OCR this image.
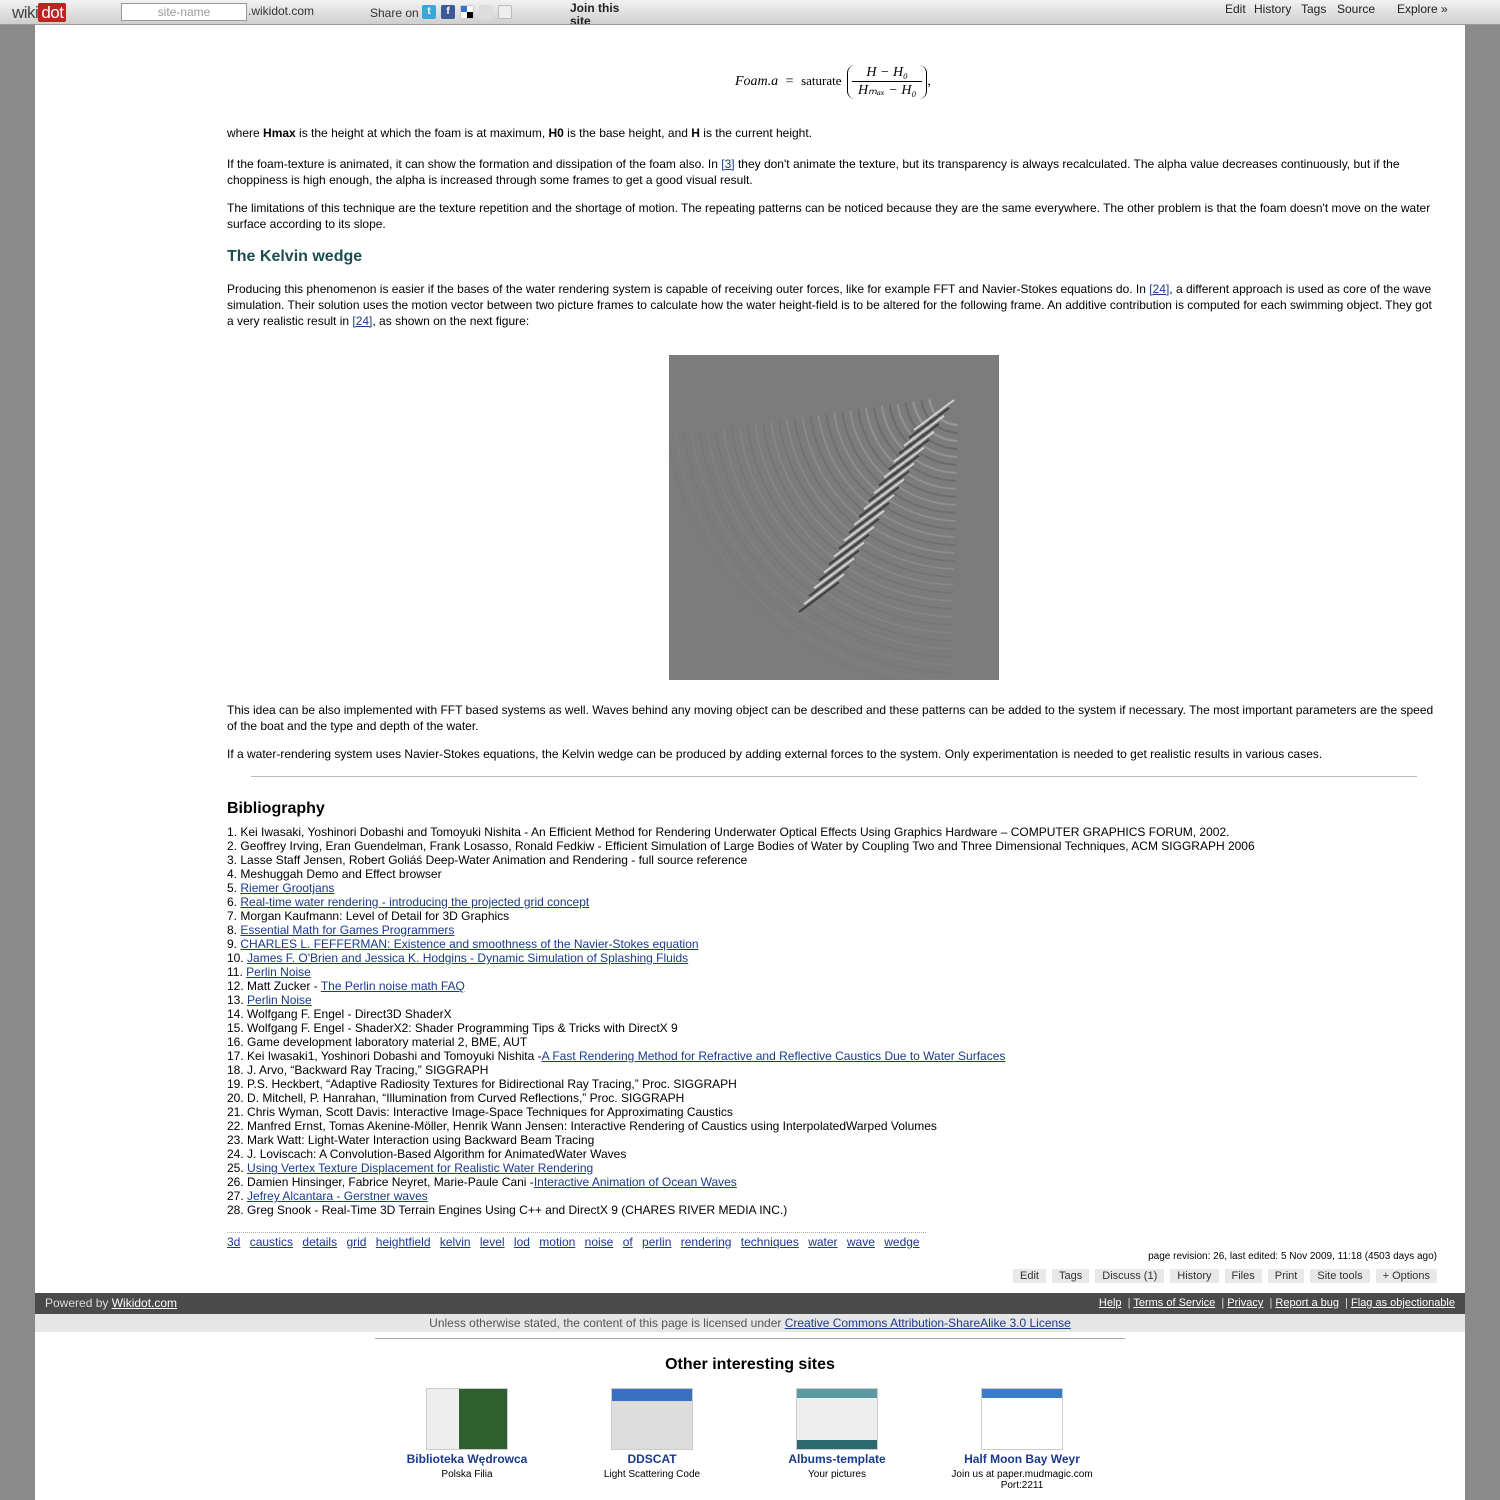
wiki dot	site-name	.wikidot.com	Share on t	f	Join this site
Edit History Tags Source Explore »
Foam.a = saturate
H − H₀
Hₘₐₓ − H₀
,
where Hmax is the height at which the foam is at maximum, H0 is the base height, and H is the current height.
If the foam-texture is animated, it can show the formation and dissipation of the foam also. In [3] they don't animate the texture, but its transparency is always recalculated. The alpha value decreases continuously, but if the choppiness is high enough, the alpha is increased through some frames to get a good visual result.
The limitations of this technique are the texture repetition and the shortage of motion. The repeating patterns can be noticed because they are the same everywhere. The other problem is that the foam doesn't move on the water surface according to its slope.
The Kelvin wedge
Producing this phenomenon is easier if the bases of the water rendering system is capable of receiving outer forces, like for example FFT and Navier-Stokes equations do. In [24], a different approach is used as core of the wave simulation. Their solution uses the motion vector between two picture frames to calculate how the water height-field is to be altered for the following frame. An additive contribution is computed for each swimming object. They got a very realistic result in [24], as shown on the next figure:
This idea can be also implemented with FFT based systems as well. Waves behind any moving object can be described and these patterns can be added to the system if necessary. The most important parameters are the speed of the boat and the type and depth of the water.
If a water-rendering system uses Navier-Stokes equations, the Kelvin wedge can be produced by adding external forces to the system. Only experimentation is needed to get realistic results in various cases.
Bibliography
1. Kei Iwasaki, Yoshinori Dobashi and Tomoyuki Nishita - An Efficient Method for Rendering Underwater Optical Effects Using Graphics Hardware – COMPUTER GRAPHICS FORUM, 2002.
2. Geoffrey Irving, Eran Guendelman, Frank Losasso, Ronald Fedkiw - Efficient Simulation of Large Bodies of Water by Coupling Two and Three Dimensional Techniques, ACM SIGGRAPH 2006
3. Lasse Staff Jensen, Robert Goliáś Deep-Water Animation and Rendering - full source reference
4. Meshuggah Demo and Effect browser
5. Riemer Grootjans
6. Real-time water rendering - introducing the projected grid concept
7. Morgan Kaufmann: Level of Detail for 3D Graphics
8. Essential Math for Games Programmers
9. CHARLES L. FEFFERMAN: Existence and smoothness of the Navier-Stokes equation
10. James F. O'Brien and Jessica K. Hodgins - Dynamic Simulation of Splashing Fluids
11. Perlin Noise
12. Matt Zucker - The Perlin noise math FAQ
13. Perlin Noise
14. Wolfgang F. Engel - Direct3D ShaderX
15. Wolfgang F. Engel - ShaderX2: Shader Programming Tips & Tricks with DirectX 9
16. Game development laboratory material 2, BME, AUT
17. Kei Iwasaki1, Yoshinori Dobashi and Tomoyuki Nishita -A Fast Rendering Method for Refractive and Reflective Caustics Due to Water Surfaces
18. J. Arvo, “Backward Ray Tracing,” SIGGRAPH
19. P.S. Heckbert, “Adaptive Radiosity Textures for Bidirectional Ray Tracing,” Proc. SIGGRAPH
20. D. Mitchell, P. Hanrahan, “Illumination from Curved Reflections,” Proc. SIGGRAPH
21. Chris Wyman, Scott Davis: Interactive Image-Space Techniques for Approximating Caustics
22. Manfred Ernst, Tomas Akenine-Möller, Henrik Wann Jensen: Interactive Rendering of Caustics using InterpolatedWarped Volumes
23. Mark Watt: Light-Water Interaction using Backward Beam Tracing
24. J. Loviscach: A Convolution-Based Algorithm for AnimatedWater Waves
25. Using Vertex Texture Displacement for Realistic Water Rendering
26. Damien Hinsinger, Fabrice Neyret, Marie-Paule Cani -Interactive Animation of Ocean Waves
27. Jefrey Alcantara - Gerstner waves
28. Greg Snook - Real-Time 3D Terrain Engines Using C++ and DirectX 9 (CHARES RIVER MEDIA INC.)
3d caustics details grid heightfield kelvin level lod motion noise of perlin rendering techniques water wave wedge
page revision: 26, last edited: 5 Nov 2009, 11:18 (4503 days ago)
Edit Tags Discuss (1) History Files Print Site tools + Options
Powered by Wikidot.com	Help  | Terms of Service  | Privacy  | Report a bug  | Flag as objectionable
Unless otherwise stated, the content of this page is licensed under Creative Commons Attribution-ShareAlike 3.0 License
Other interesting sites
Biblioteka Wędrowca
Polska Filia
DDSCAT
Light Scattering Code
Albums-template
Your pictures
Half Moon Bay Weyr
Join us at paper.mudmagic.com Port:2211
